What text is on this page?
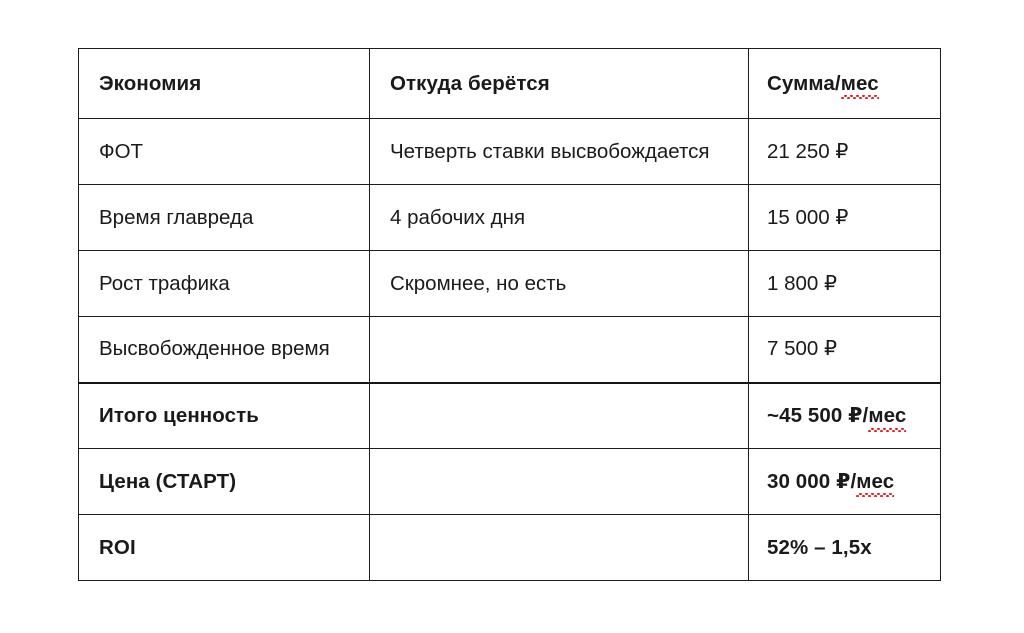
Экономия	Откуда берётся	Сумма/мес
ФОТ	Четверть ставки высвобождается	21 250 ₽
Время главреда	4 рабочих дня	15 000 ₽
Рост трафика	Скромнее, но есть	1 800 ₽
Высвобожденное время		7 500 ₽
Итого ценность		~45 500 ₽/мес
Цена (СТАРТ)		30 000 ₽/мес
ROI		52% – 1,5x
